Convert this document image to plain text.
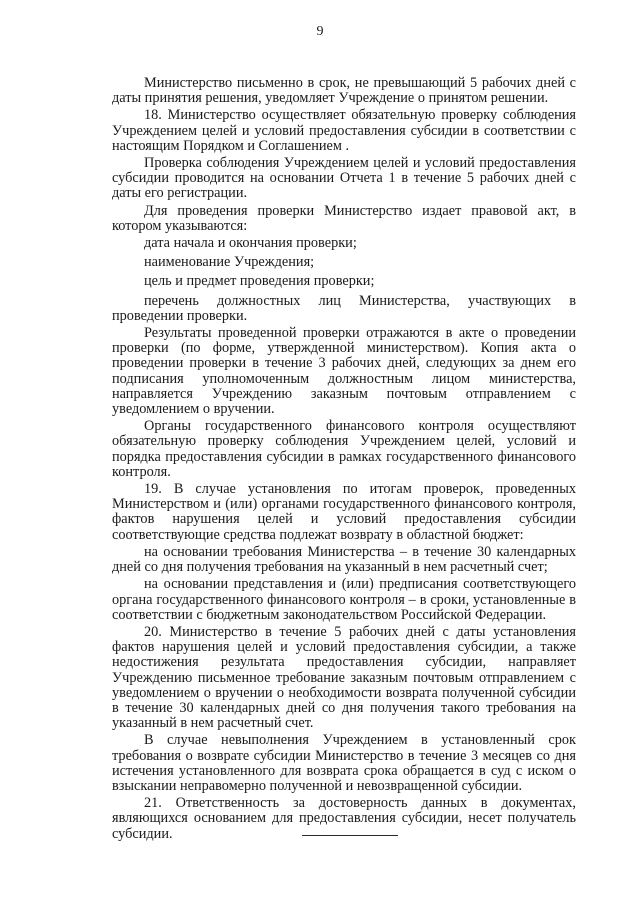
9

Министерство письменно в срок, не превышающий 5 рабочих дней с даты принятия решения, уведомляет Учреждение о принятом решении.

18. Министерство осуществляет обязательную проверку соблюдения Учреждением целей и условий предоставления субсидии в соответствии с настоящим Порядком и Соглашением .

Проверка соблюдения Учреждением целей и условий предоставления субсидии проводится на основании Отчета 1 в течение 5 рабочих дней с даты его регистрации.

Для проведения проверки Министерство издает правовой акт, в котором указываются:

дата начала и окончания проверки;

наименование Учреждения;

цель и предмет проведения проверки;

перечень должностных лиц Министерства, участвующих в проведении проверки.

Результаты проведенной проверки отражаются в акте о проведении проверки (по форме, утвержденной министерством). Копия акта о проведении проверки в течение 3 рабочих дней, следующих за днем его подписания уполномоченным должностным лицом министерства, направляется Учреждению заказным почтовым отправлением с уведомлением о вручении.

Органы государственного финансового контроля осуществляют обязательную проверку соблюдения Учреждением целей, условий и порядка предоставления субсидии в рамках государственного финансового контроля.

19. В случае установления по итогам проверок, проведенных Министерством и (или) органами государственного финансового контроля, фактов нарушения целей и условий предоставления субсидии соответствующие средства подлежат возврату в областной бюджет:

на основании требования Министерства – в течение 30 календарных дней со дня получения требования на указанный в нем расчетный счет;

на основании представления и (или) предписания соответствующего органа государственного финансового контроля – в сроки, установленные в соответствии с бюджетным законодательством Российской Федерации.

20. Министерство в течение 5 рабочих дней с даты установления фактов нарушения целей и условий предоставления субсидии, а также недостижения результата предоставления субсидии, направляет Учреждению письменное требование заказным почтовым отправлением с уведомлением о вручении о необходимости возврата полученной субсидии в течение 30 календарных дней со дня получения такого требования на указанный в нем расчетный счет.

В случае невыполнения Учреждением в установленный срок требования о возврате субсидии Министерство в течение 3 месяцев со дня истечения установленного для возврата срока обращается в суд с иском о взыскании неправомерно полученной и невозвращенной субсидии.

21. Ответственность за достоверность данных в документах, являющихся основанием для предоставления субсидии, несет получатель субсидии.
